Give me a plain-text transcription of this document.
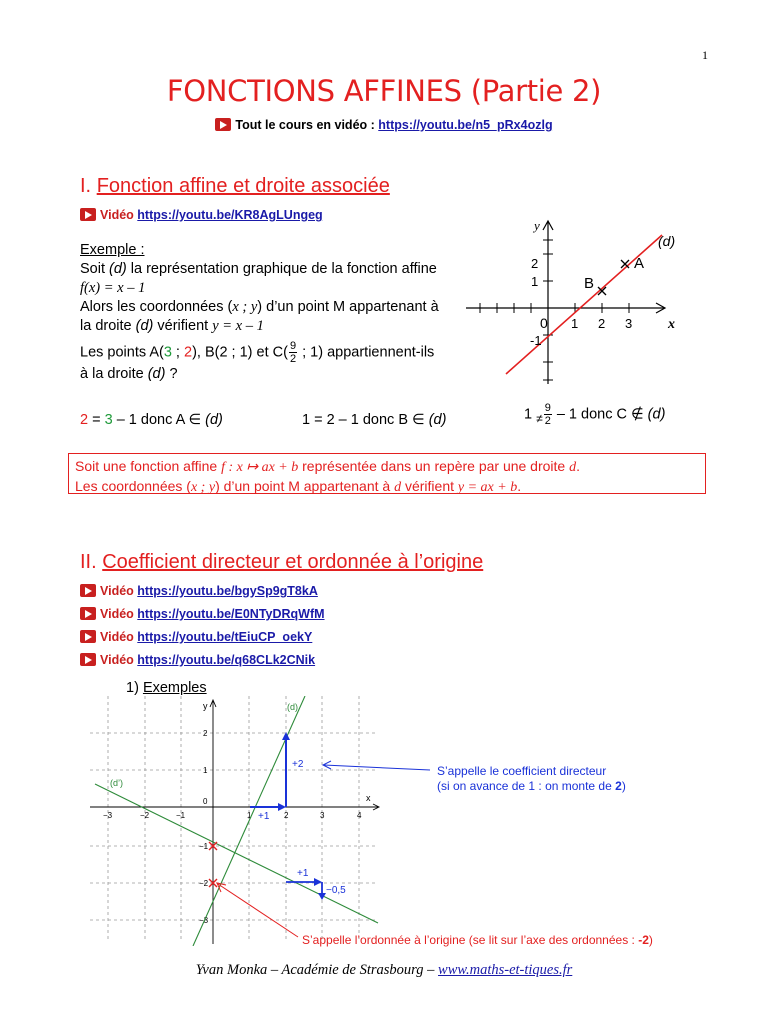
1
FONCTIONS AFFINES (Partie 2)
Tout le cours en vidéo : https://youtu.be/n5_pRx4ozlg
I. Fonction affine et droite associée
Vidéo https://youtu.be/KR8AgLUngeg
Exemple :
Soit (d) la représentation graphique de la fonction affine
f(x) = x – 1
Alors les coordonnées (x ; y) d’un point M appartenant à
la droite (d) vérifient y = x – 1
Les points A(3 ; 2), B(2 ; 1) et $C( \frac{9}{2}$ ; 1) appartiennent-ils
à la droite (d) ?
2 = 3 – 1 donc A ∈ (d)	1 = 2 – 1 donc B ∈ (d)	1 $_\ne \frac{9}{2} - 1$ donc C ∉ (d)
Soit une fonction affine f : x ↦ ax + b représentée dans un repère par une droite d.
Les coordonnées (x ; y) d’un point M appartenant à d vérifient y = ax + b.
(d)
y
x
0 1 2 3
1
2
-1
A
B
II. Coefficient directeur et ordonnée à l’origine
Vidéo https://youtu.be/bgySp9gT8kA
Vidéo https://youtu.be/E0NTyDRqWfM
Vidéo https://youtu.be/tEiuCP_oekY
Vidéo https://youtu.be/q68CLk2CNik
1) Exemples
y
x
0
−3	−2	−1	1	2	3	4
2
1
−1
−2
−3
(d)
(d’)
+1
+2
+1
−0,5
S’appelle le coefficient directeur
(si on avance de 1 : on monte de 2)
S’appelle l’ordonnée à l’origine (se lit sur l’axe des ordonnées : -2)
Yvan Monka – Académie de Strasbourg – www.maths-et-tiques.fr
